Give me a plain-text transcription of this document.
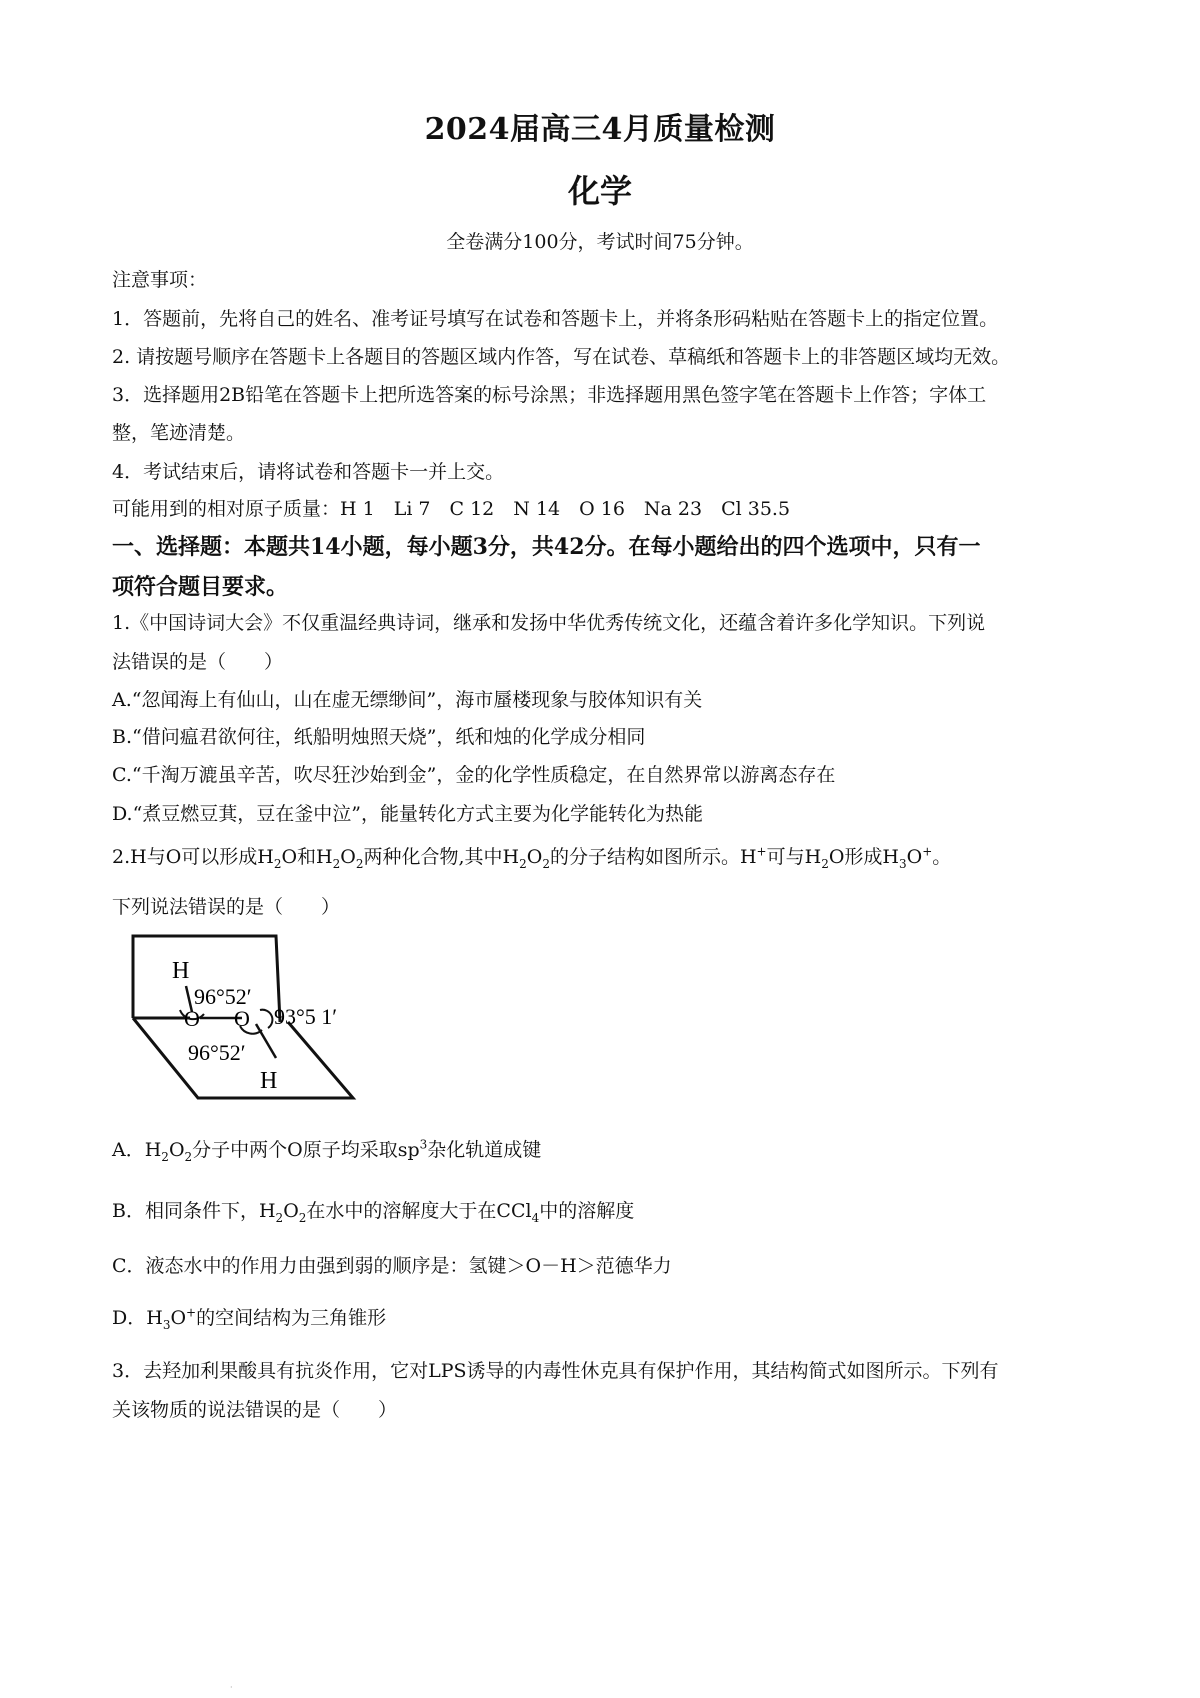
2024届高三4月质量检测
化学
全卷满分100分，考试时间75分钟。
注意事项：
1．答题前，先将自己的姓名、准考证号填写在试卷和答题卡上，并将条形码粘贴在答题卡上的指定位置。
2. 请按题号顺序在答题卡上各题目的答题区域内作答，写在试卷、草稿纸和答题卡上的非答题区域均无效。
3．选择题用2B铅笔在答题卡上把所选答案的标号涂黑；非选择题用黑色签字笔在答题卡上作答；字体工
整，笔迹清楚。
4．考试结束后，请将试卷和答题卡一并上交。
可能用到的相对原子质量：H 1　Li 7　C 12　N 14　O 16　Na 23　Cl 35.5
一、选择题：本题共14小题，每小题3分，共42分。在每小题给出的四个选项中，只有一
项符合题目要求。
1.《中国诗词大会》不仅重温经典诗词，继承和发扬中华优秀传统文化，还蕴含着许多化学知识。下列说
法错误的是（　　）
A.“忽闻海上有仙山，山在虚无缥缈间”，海市蜃楼现象与胶体知识有关
B.“借问瘟君欲何往，纸船明烛照天烧”，纸和烛的化学成分相同
C.“千淘万漉虽辛苦，吹尽狂沙始到金”，金的化学性质稳定，在自然界常以游离态存在
D.“煮豆燃豆萁，豆在釜中泣”，能量转化方式主要为化学能转化为热能
2.H与O可以形成$H_2O$和$H_2O_2$两种化合物,其中$H_2O_2$的分子结构如图所示。H+可与$H_2O$形成$H_3O^+$。
下列说法错误的是（　　）
H
O O
H
96°52′
93°5 1′
96°52′
A．$H_2O_2$分子中两个O原子均采取$sp^3$杂化轨道成键
B．相同条件下，$H_2O_2$在水中的溶解度大于在CCl$_4$中的溶解度
C．液态水中的作用力由强到弱的顺序是：氢键＞O－H＞范德华力
D．$H_3O^+$的空间结构为三角锥形
3．去羟加利果酸具有抗炎作用，它对LPS诱导的内毒性休克具有保护作用，其结构简式如图所示。下列有
关该物质的说法错误的是（　　）
·
